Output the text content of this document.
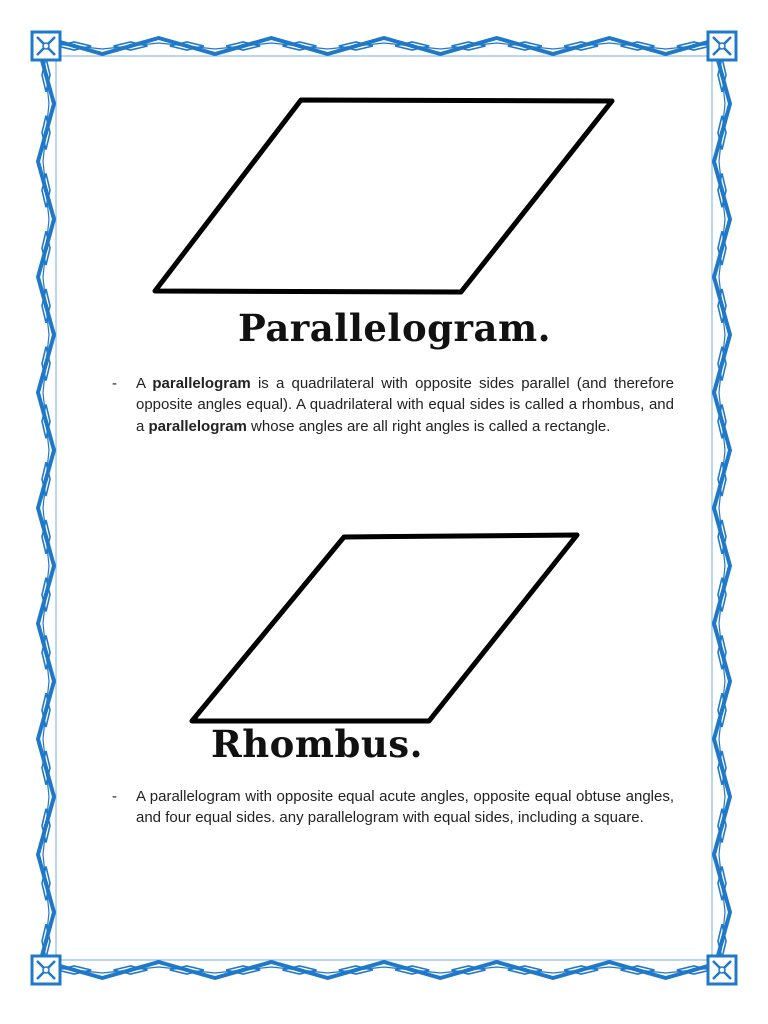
Parallelogram.
- A parallelogram is a quadrilateral with opposite sides parallel (and therefore opposite angles equal). A quadrilateral with equal sides is called a rhombus, and a parallelogram whose angles are all right angles is called a rectangle.
Rhombus.
- A parallelogram with opposite equal acute angles, opposite equal obtuse angles, and four equal sides. any parallelogram with equal sides, including a square.
